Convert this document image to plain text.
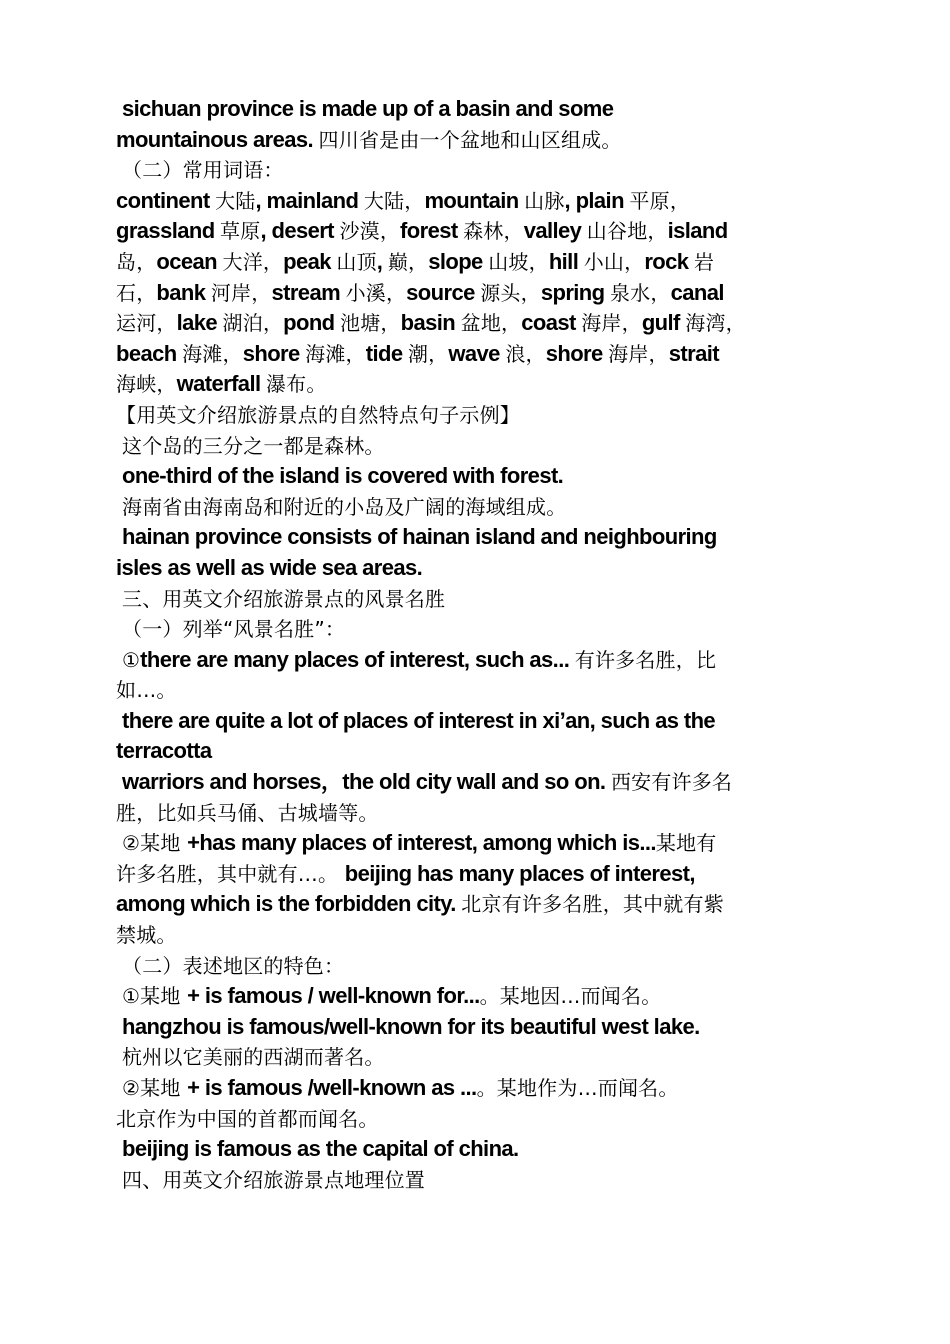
sichuan province is made up of a basin and some
mountainous areas. 四川省是由一个盆地和山区组成。
（二）常用词语：
continent 大陆, mainland 大陆，mountain 山脉, plain 平原，
grassland 草原, desert 沙漠，forest 森林，valley 山谷地，island
岛，ocean 大洋，peak 山顶, 巅，slope 山坡，hill 小山，rock 岩
石，bank 河岸，stream 小溪，source 源头，spring 泉水，canal
运河，lake 湖泊，pond 池塘，basin 盆地，coast 海岸，gulf 海湾，
beach 海滩，shore 海滩，tide 潮，wave 浪，shore 海岸，strait
海峡，waterfall 瀑布。
【用英文介绍旅游景点的自然特点句子示例】
这个岛的三分之一都是森林。
one-third of the island is covered with forest.
海南省由海南岛和附近的小岛及广阔的海域组成。
hainan province consists of hainan island and neighbouring
isles as well as wide sea areas.
三、用英文介绍旅游景点的风景名胜
（一）列举“风景名胜”：
①there are many places of interest, such as... 有许多名胜，比
如…。
there are quite a lot of places of interest in xi’an, such as the
terracotta
warriors and horses，the old city wall and so on. 西安有许多名
胜，比如兵马俑、古城墙等。
②某地 +has many places of interest, among which is...某地有
许多名胜，其中就有…。 beijing has many places of interest,
among which is the forbidden city. 北京有许多名胜，其中就有紫
禁城。
（二）表述地区的特色：
①某地 + is famous / well-known for...。某地因…而闻名。
hangzhou is famous/well-known for its beautiful west lake.
杭州以它美丽的西湖而著名。
②某地 + is famous /well-known as ...。某地作为…而闻名。
北京作为中国的首都而闻名。
beijing is famous as the capital of china.
四、用英文介绍旅游景点地理位置
